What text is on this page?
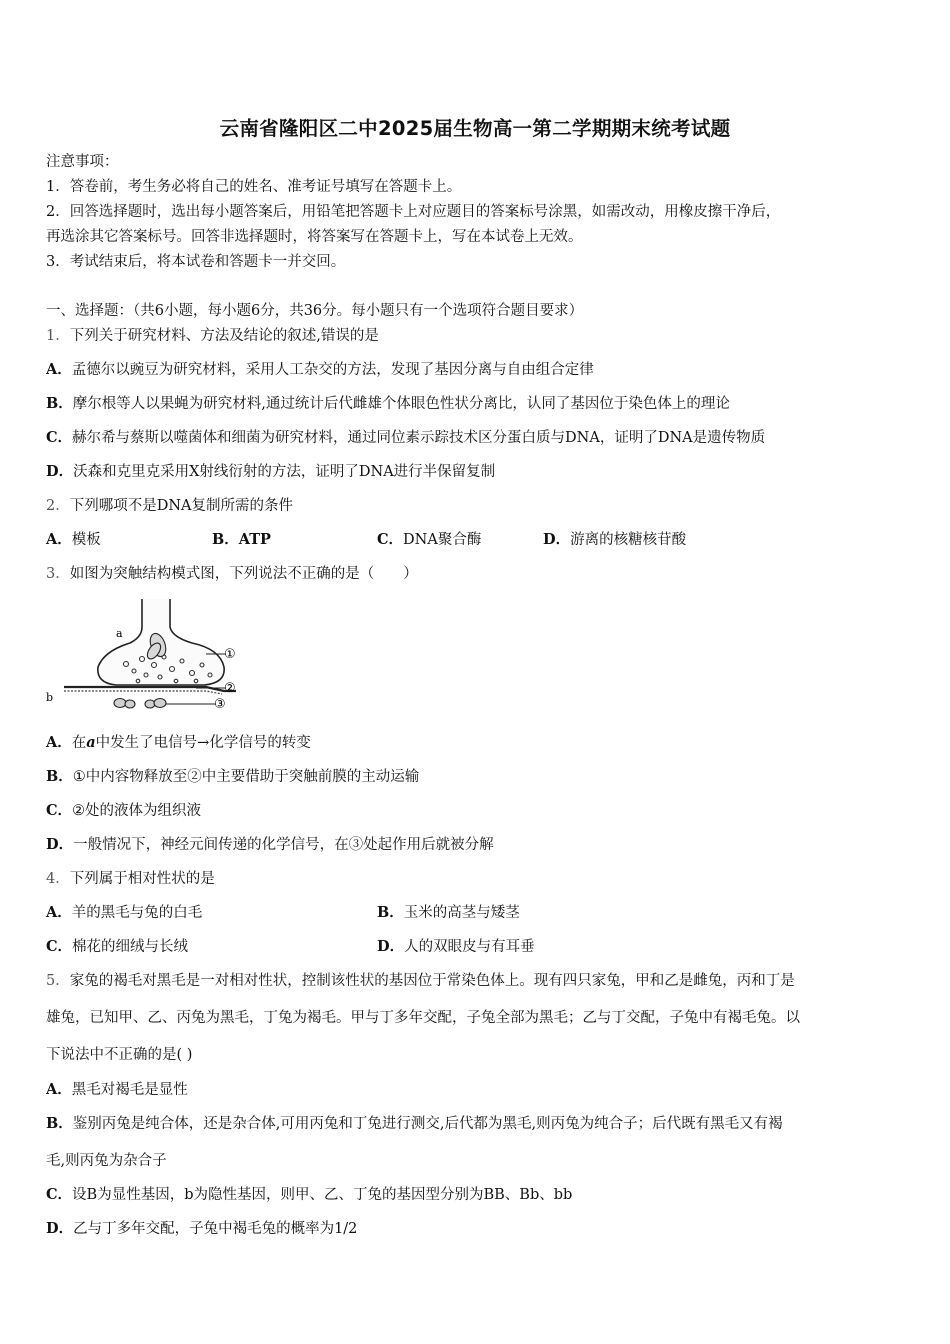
云南省隆阳区二中2025届生物高一第二学期期末统考试题
注意事项：
1．答卷前，考生务必将自己的姓名、准考证号填写在答题卡上。
2．回答选择题时，选出每小题答案后，用铅笔把答题卡上对应题目的答案标号涂黑，如需改动，用橡皮擦干净后，
再选涂其它答案标号。回答非选择题时，将答案写在答题卡上，写在本试卷上无效。
3．考试结束后，将本试卷和答题卡一并交回。
一、选择题：（共6小题，每小题6分，共36分。每小题只有一个选项符合题目要求）
1．下列关于研究材料、方法及结论的叙述,错误的是
A．孟德尔以豌豆为研究材料，采用人工杂交的方法，发现了基因分离与自由组合定律
B．摩尔根等人以果蝇为研究材料,通过统计后代雌雄个体眼色性状分离比，认同了基因位于染色体上的理论
C．赫尔希与蔡斯以噬菌体和细菌为研究材料，通过同位素示踪技术区分蛋白质与DNA，证明了DNA是遗传物质
D．沃森和克里克采用X射线衍射的方法，证明了DNA进行半保留复制
2．下列哪项不是DNA复制所需的条件
A．模板	B．ATP	C．DNA聚合酶	D．游离的核糖核苷酸
3．如图为突触结构模式图，下列说法不正确的是（　　）
a
b
①
②
③
A．在a中发生了电信号→化学信号的转变
B．①中内容物释放至②中主要借助于突触前膜的主动运输
C．②处的液体为组织液
D．一般情况下，神经元间传递的化学信号，在③处起作用后就被分解
4．下列属于相对性状的是
A．羊的黑毛与兔的白毛	B．玉米的高茎与矮茎
C．棉花的细绒与长绒	D．人的双眼皮与有耳垂
5．家兔的褐毛对黑毛是一对相对性状，控制该性状的基因位于常染色体上。现有四只家兔，甲和乙是雌兔，丙和丁是
雄兔，已知甲、乙、丙兔为黑毛，丁兔为褐毛。甲与丁多年交配，子兔全部为黑毛；乙与丁交配，子兔中有褐毛兔。以
下说法中不正确的是( )
A．黑毛对褐毛是显性
B．鉴别丙兔是纯合体，还是杂合体,可用丙兔和丁兔进行测交,后代都为黑毛,则丙兔为纯合子；后代既有黑毛又有褐
毛,则丙兔为杂合子
C．设B为显性基因，b为隐性基因，则甲、乙、丁兔的基因型分别为BB、Bb、bb
D．乙与丁多年交配，子兔中褐毛兔的概率为1/2
